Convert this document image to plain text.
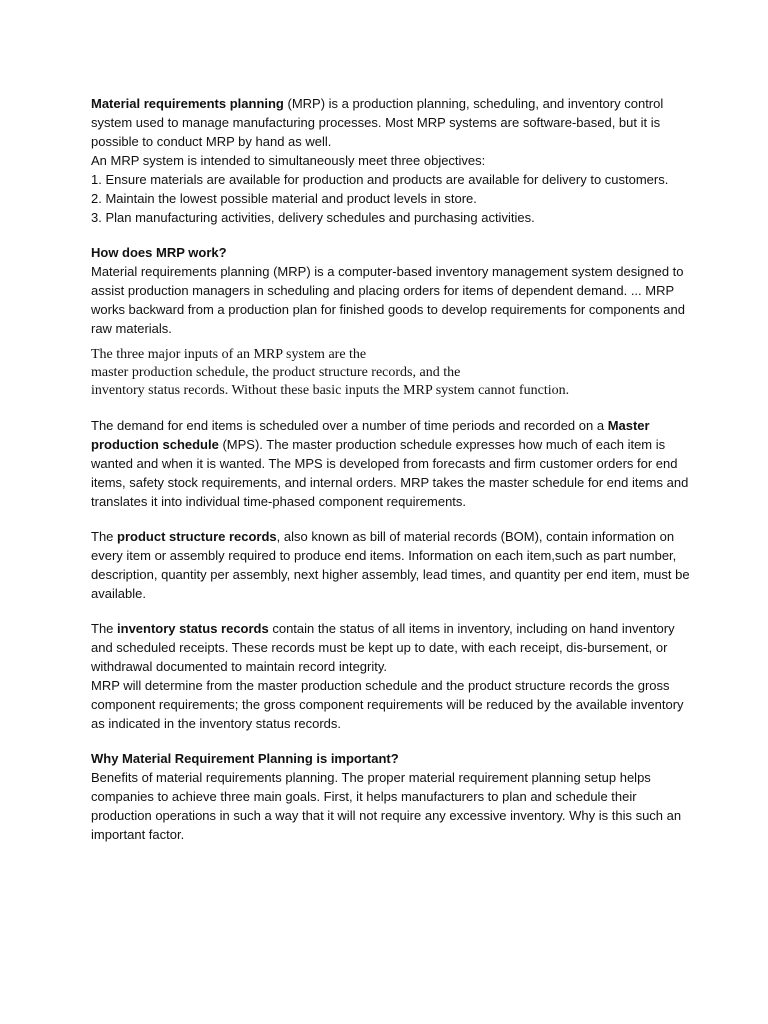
Material requirements planning (MRP) is a production planning, scheduling, and inventory control system used to manage manufacturing processes. Most MRP systems are software-based, but it is possible to conduct MRP by hand as well.

An MRP system is intended to simultaneously meet three objectives:

1. Ensure materials are available for production and products are available for delivery to customers.

2. Maintain the lowest possible material and product levels in store.

3. Plan manufacturing activities, delivery schedules and purchasing activities.

How does MRP work?

Material requirements planning (MRP) is a computer-based inventory management system designed to assist production managers in scheduling and placing orders for items of dependent demand. ... MRP works backward from a production plan for finished goods to develop requirements for components and raw materials.

The three major inputs of an MRP system are the
master production schedule, the product structure records, and the
inventory status records. Without these basic inputs the MRP system cannot function.

The demand for end items is scheduled over a number of time periods and recorded on a Master production schedule (MPS). The master production schedule expresses how much of each item is wanted and when it is wanted. The MPS is developed from forecasts and firm customer orders for end items, safety stock requirements, and internal orders. MRP takes the master schedule for end items and translates it into individual time-phased component requirements.

The product structure records, also known as bill of material records (BOM), contain information on every item or assembly required to produce end items. Information on each item,such as part number, description, quantity per assembly, next higher assembly, lead times, and quantity per end item, must be available.

The inventory status records contain the status of all items in inventory, including on hand inventory and scheduled receipts. These records must be kept up to date, with each receipt, dis-bursement, or withdrawal documented to maintain record integrity.

MRP will determine from the master production schedule and the product structure records the gross component requirements; the gross component requirements will be reduced by the available inventory as indicated in the inventory status records.

Why Material Requirement Planning is important?

Benefits of material requirements planning. The proper material requirement planning setup helps companies to achieve three main goals. First, it helps manufacturers to plan and schedule their production operations in such a way that it will not require any excessive inventory. Why is this such an important factor.
